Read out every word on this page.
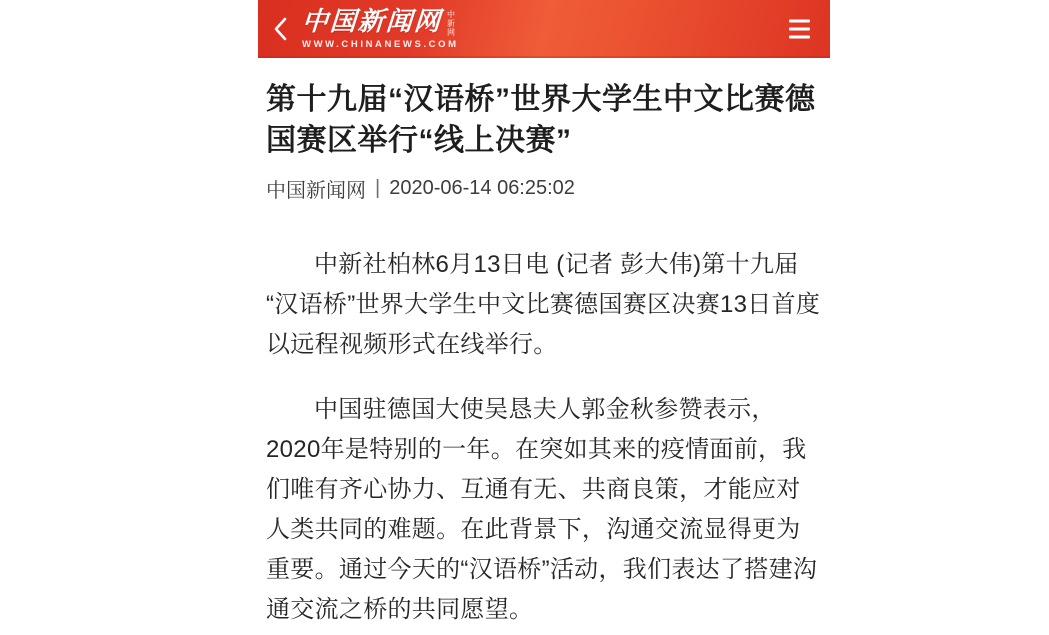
中国新闻网 中新网
WWW.CHINANEWS.COM
第十九届“汉语桥”世界大学生中文比赛德国赛区举行“线上决赛”
中国新闻网 | 2020-06-14 06:25:02

中新社柏林6月13日电 (记者 彭大伟)第十九届“汉语桥”世界大学生中文比赛德国赛区决赛13日首度以远程视频形式在线举行。

中国驻德国大使吴恳夫人郭金秋参赞表示，2020年是特别的一年。在突如其来的疫情面前，我们唯有齐心协力、互通有无、共商良策，才能应对人类共同的难题。在此背景下，沟通交流显得更为重要。通过今天的“汉语桥”活动，我们表达了搭建沟通交流之桥的共同愿望。
